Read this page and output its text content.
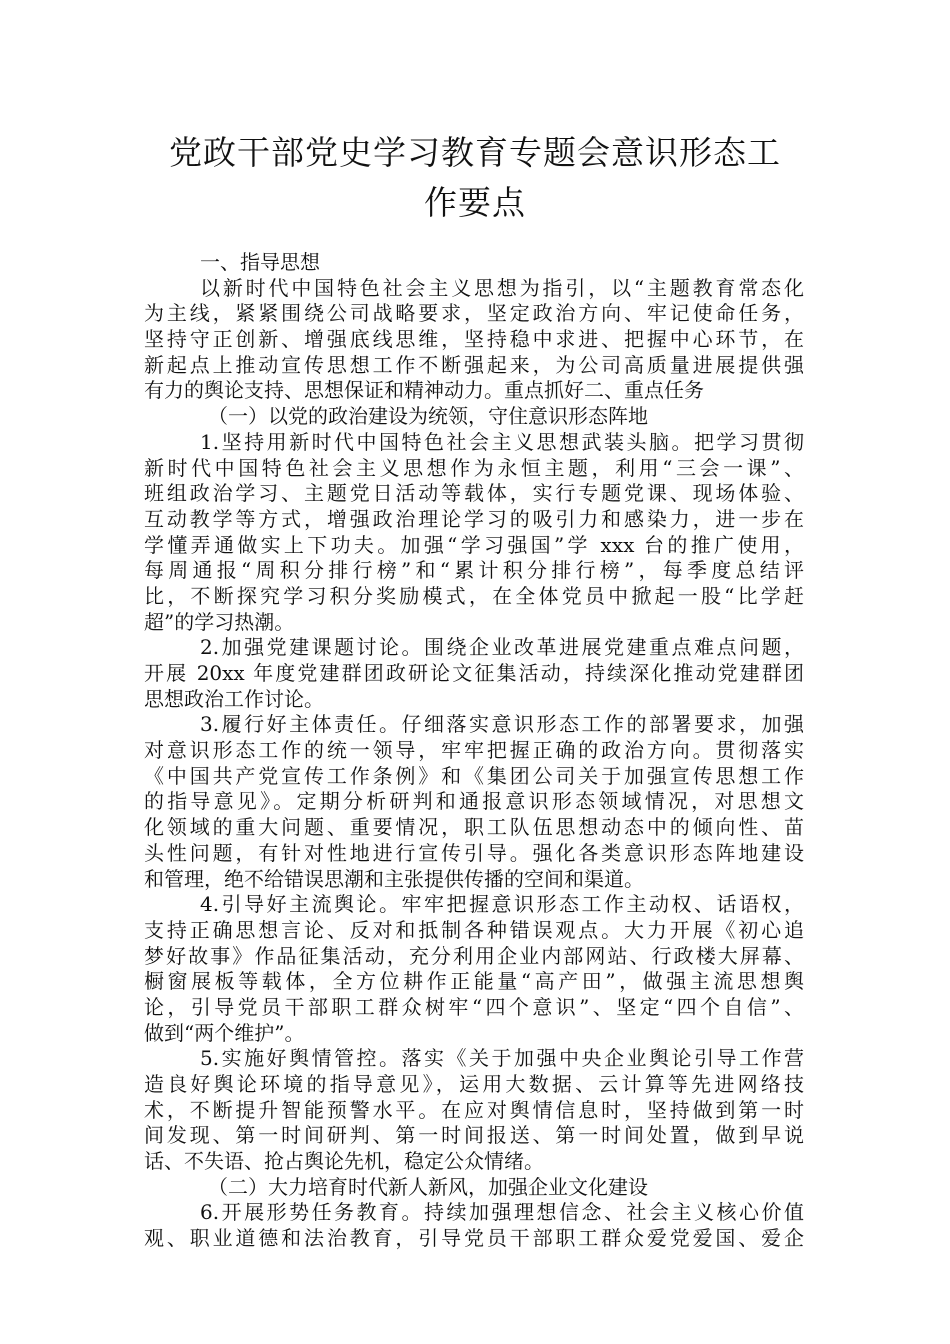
党政干部党史学习教育专题会意识形态工
作要点
一、指导思想
以新时代中国特色社会主义思想为指引，以“主题教育常态化
为主线，紧紧围绕公司战略要求，坚定政治方向、牢记使命任务，
坚持守正创新、增强底线思维，坚持稳中求进、把握中心环节，在
新起点上推动宣传思想工作不断强起来，为公司高质量进展提供强
有力的舆论支持、思想保证和精神动力。重点抓好二、重点任务
（一）以党的政治建设为统领，守住意识形态阵地
1.坚持用新时代中国特色社会主义思想武装头脑。把学习贯彻
新时代中国特色社会主义思想作为永恒主题，利用“三会一课”、
班组政治学习、主题党日活动等载体，实行专题党课、现场体验、
互动教学等方式，增强政治理论学习的吸引力和感染力，进一步在
学懂弄通做实上下功夫。加强“学习强国”学 xxx 台的推广使用，
每周通报“周积分排行榜”和“累计积分排行榜”，每季度总结评
比，不断探究学习积分奖励模式，在全体党员中掀起一股“比学赶
超”的学习热潮。
2.加强党建课题讨论。围绕企业改革进展党建重点难点问题，
开展 20xx 年度党建群团政研论文征集活动，持续深化推动党建群团
思想政治工作讨论。
3.履行好主体责任。仔细落实意识形态工作的部署要求，加强
对意识形态工作的统一领导，牢牢把握正确的政治方向。贯彻落实
《中国共产党宣传工作条例》和《集团公司关于加强宣传思想工作
的指导意见》。定期分析研判和通报意识形态领域情况，对思想文
化领域的重大问题、重要情况，职工队伍思想动态中的倾向性、苗
头性问题，有针对性地进行宣传引导。强化各类意识形态阵地建设
和管理，绝不给错误思潮和主张提供传播的空间和渠道。
4.引导好主流舆论。牢牢把握意识形态工作主动权、话语权，
支持正确思想言论、反对和抵制各种错误观点。大力开展《初心追
梦好故事》作品征集活动，充分利用企业内部网站、行政楼大屏幕、
橱窗展板等载体，全方位耕作正能量“高产田”，做强主流思想舆
论，引导党员干部职工群众树牢“四个意识”、坚定“四个自信”、
做到“两个维护”。
5.实施好舆情管控。落实《关于加强中央企业舆论引导工作营
造良好舆论环境的指导意见》，运用大数据、云计算等先进网络技
术，不断提升智能预警水平。在应对舆情信息时，坚持做到第一时
间发现、第一时间研判、第一时间报送、第一时间处置，做到早说
话、不失语、抢占舆论先机，稳定公众情绪。
（二）大力培育时代新人新风，加强企业文化建设
6.开展形势任务教育。持续加强理想信念、社会主义核心价值
观、职业道德和法治教育，引导党员干部职工群众爱党爱国、爱企
